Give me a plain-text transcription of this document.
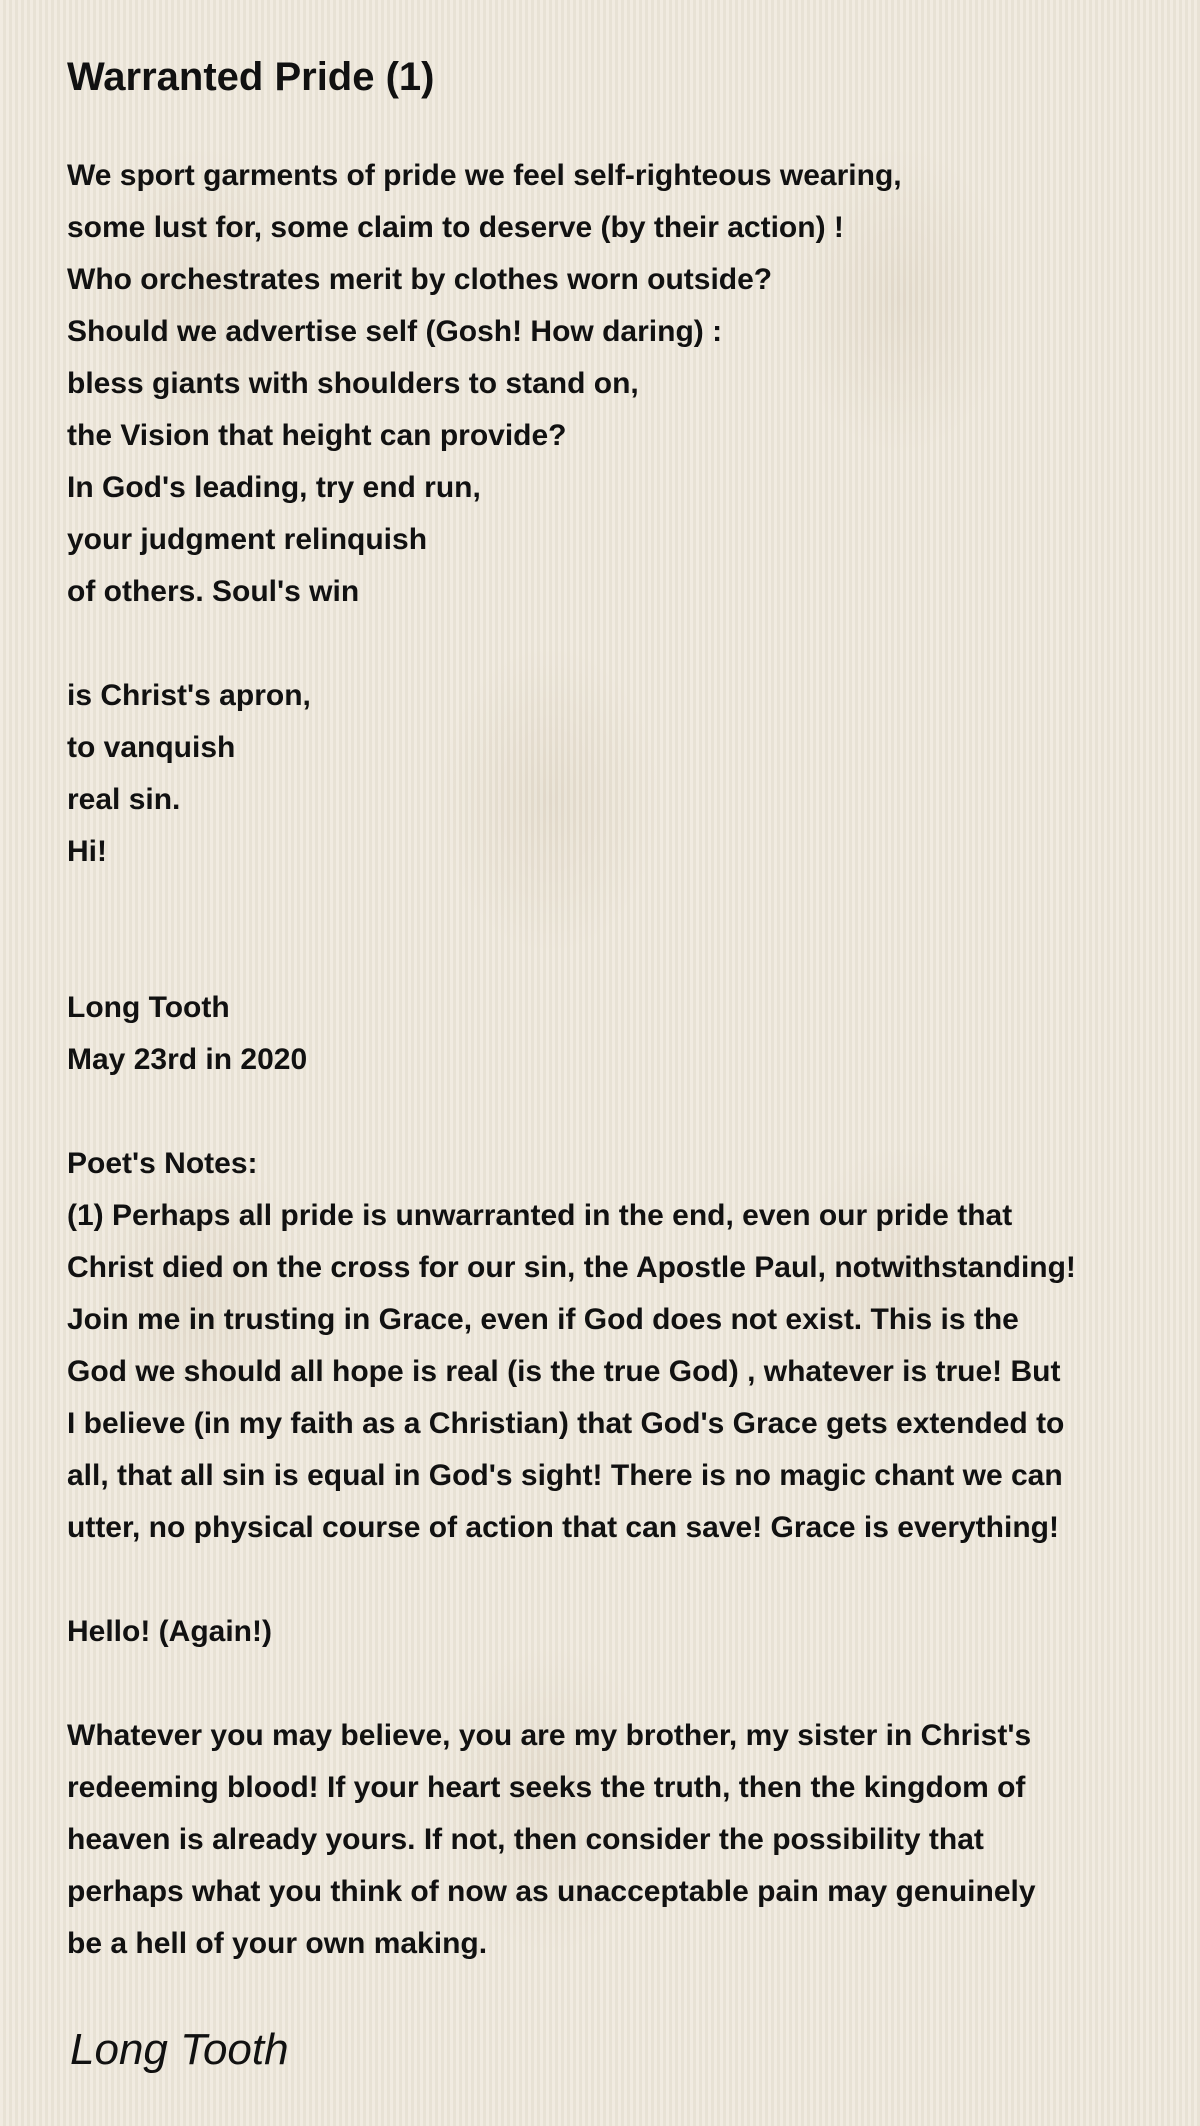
Warranted Pride (1)
We sport garments of pride we feel self-righteous wearing,
some lust for, some claim to deserve (by their action) !
Who orchestrates merit by clothes worn outside?
Should we advertise self (Gosh! How daring) :
bless giants with shoulders to stand on,
the Vision that height can provide?
In God's leading, try end run,
your judgment relinquish
of others. Soul's win
is Christ's apron,
to vanquish
real sin.
Hi!
Long Tooth
May 23rd in 2020
Poet's Notes:
(1) Perhaps all pride is unwarranted in the end, even our pride that
Christ died on the cross for our sin, the Apostle Paul, notwithstanding!
Join me in trusting in Grace, even if God does not exist. This is the
God we should all hope is real (is the true God) , whatever is true! But
I believe (in my faith as a Christian) that God's Grace gets extended to
all, that all sin is equal in God's sight! There is no magic chant we can
utter, no physical course of action that can save! Grace is everything!
Hello! (Again!)
Whatever you may believe, you are my brother, my sister in Christ's
redeeming blood! If your heart seeks the truth, then the kingdom of
heaven is already yours. If not, then consider the possibility that
perhaps what you think of now as unacceptable pain may genuinely
be a hell of your own making.
Long Tooth
